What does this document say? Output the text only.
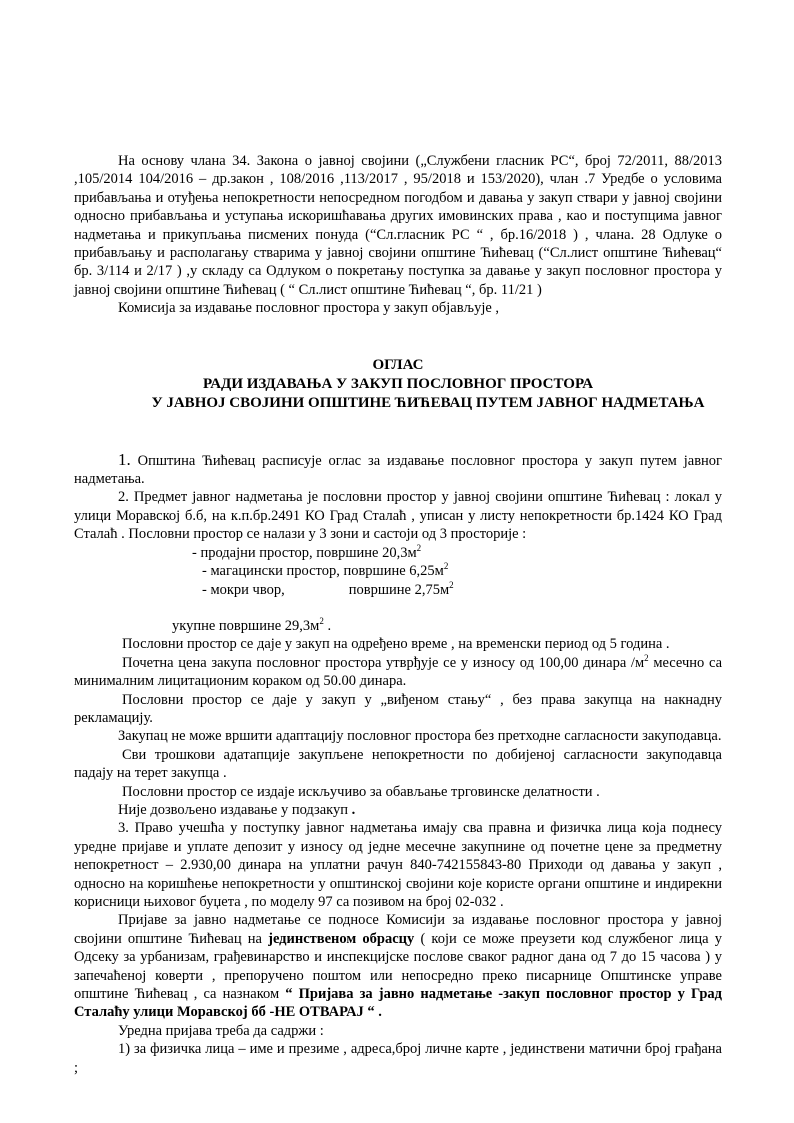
На основу члана 34. Закона о јавној својини („Службени гласник РС“, број 72/2011, 88/2013 ,105/2014 104/2016 – др.закон , 108/2016 ,113/2017 , 95/2018 и 153/2020), члан .7 Уредбе о условима прибављања и отуђења непокретности непосредном погодбом и давања у закуп ствари у јавној својини односно прибављања и уступања искоришћавања других имовинских права , као и поступцима јавног надметања и прикупљања писмених понуда (“Сл.гласник РС “ , бр.16/2018 ) , члана. 28 Одлуке о прибављању и располагању стварима у јавној својини општине Ћићевац (“Сл.лист општине Ћићевац“ бр. 3/114 и 2/17 ) ,у складу са Одлуком о покретању поступка за давање у закуп пословног простора у јавној својини општине Ћићевац ( “ Сл.лист општине Ћићевац “, бр. 11/21 )

Комисија за издавање пословног простора у закуп објављује ,

ОГЛАС
РАДИ ИЗДАВАЊА У ЗАКУП ПОСЛОВНОГ ПРОСТОРА
У ЈАВНОЈ СВОЈИНИ ОПШТИНЕ ЋИЋЕВАЦ ПУТЕМ ЈАВНОГ НАДМЕТАЊА

1. Општина Ћићевац расписује оглас за издавање пословног простора у закуп путем јавног надметања.

2. Предмет јавног надметања је пословни простор у јавној својини општине Ћићевац : локал у улици Моравској б.б, на к.п.бр.2491 КО Град Сталаћ , уписан у листу непокретности бр.1424 КО Град Сталаћ . Пословни простор се налази у 3 зони и састоји од 3 просторије :

- продајни простор, површине $20,3м^2$
- магацински простор, површине $6,25м^2$
- мокри чвор,	површине $2,75м^2$

укупне површине $29,3м^2$ .

Пословни простор се даје у закуп на одређено време , на временски период од 5 година .

Почетна цена закупа пословног простора утврђује се у износу од 100,00 динара $/м^2$ месечно са минималним лицитационим кораком од 50.00 динара.

Пословни простор се даје у закуп у „виђеном стању“ , без права закупца на накнадну рекламацију.

Закупац не може вршити адаптацију пословног простора без претходне сагласности закуподавца.

Сви трошкови адатапције закупљене непокретности по добијеној сагласности закуподавца падају на терет закупца .

Пословни простор се издаје искључиво за обављање трговинске делатности .

Није дозвољено издавање у подзакуп .

3. Право учешћа у поступку јавног надметања имају сва правна и физичка лица која поднесу уредне пријаве и уплате депозит у износу од једне месечне закупнине од почетне цене за предметну непокретност – 2.930,00 динара на уплатни рачун 840-742155843-80 Приходи од давања у закуп , односно на коришћење непокретности у општинској својини које користе органи општине и индирекни корисници њиховог буџета , по моделу 97 са позивом на број 02-032 .

Пријаве за јавно надметање се подносе Комисији за издавање пословног простора у јавној својини општине Ћићевац на јединственом обрасцу ( који се може преузети код службеног лица у Одсеку за урбанизам, грађевинарство и инспекцијске послове сваког радног дана од 7 до 15 часова ) у запечаћеној коверти , препоручено поштом или непосредно преко писарнице Општинске управе општине Ћићевац , са назнаком “ Пријава за јавно надметање -закуп пословног простор у Град Сталаћу улици Моравској бб -НЕ ОТВАРАЈ “ .

Уредна пријава треба да садржи :

1) за физичка лица – име и презиме , адреса,број личне карте , јединствени матични број грађана ;
